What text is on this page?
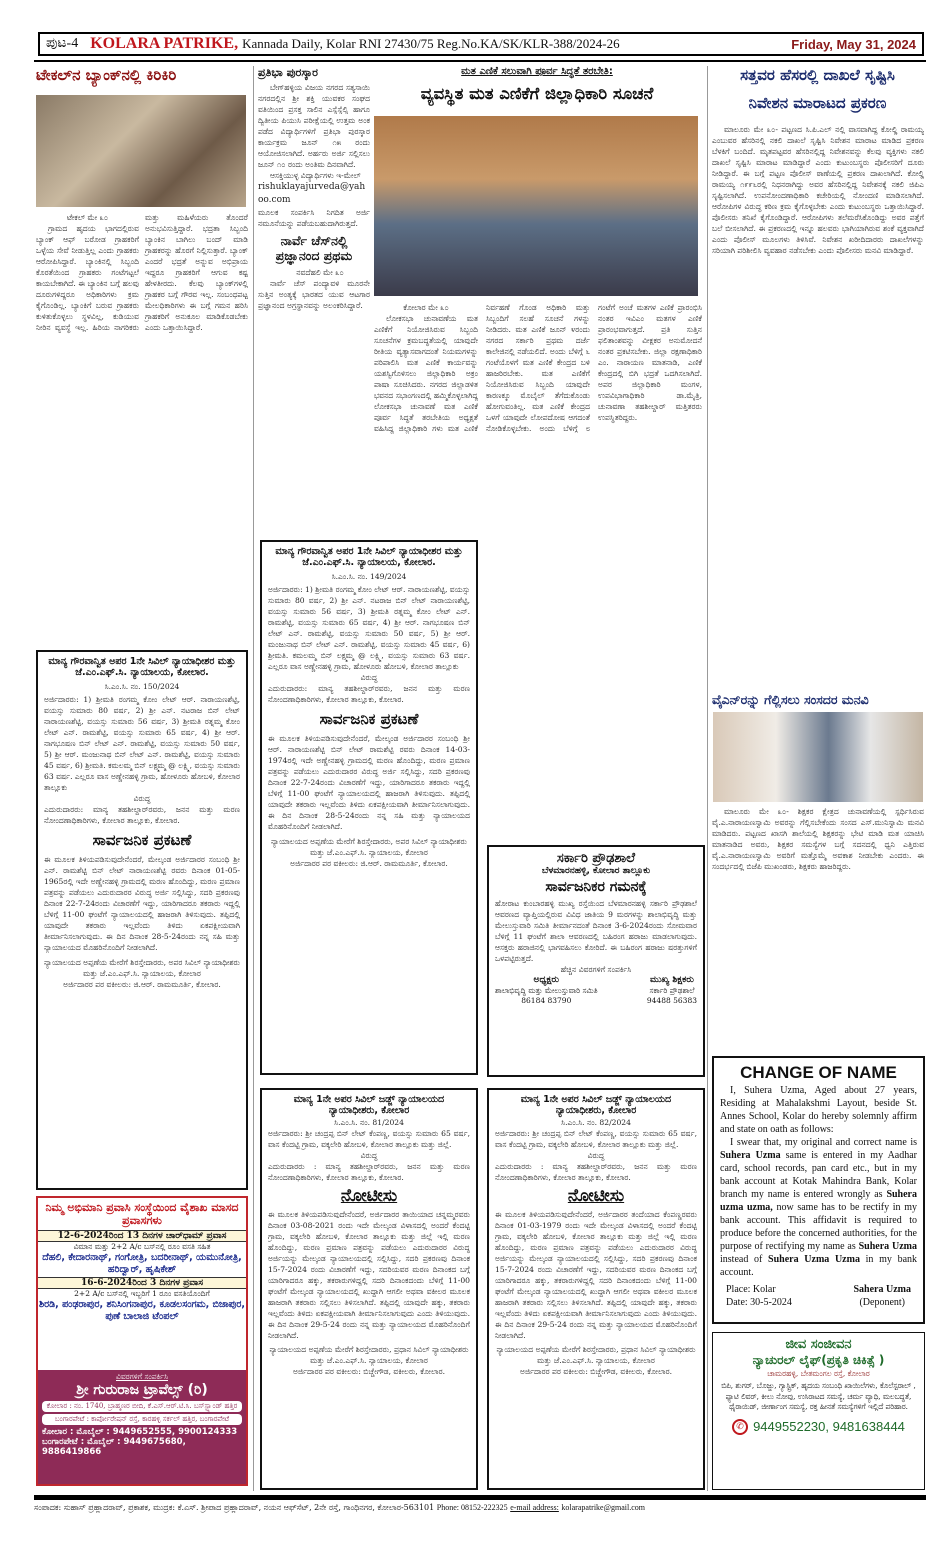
ಪುಟ-4 KOLARA PATRIKE, Kannada Daily, Kolar RNI 27430/75 Reg.No.KA/SK/KLR-388/2024-26	Friday, May 31, 2024
ಟೇಕಲ್‌ನ ಬ್ಯಾಂಕ್‌ನಲ್ಲಿ ಕಿರಿಕಿರಿ

ಟೇಕಲ್ ಮೇ ೩೦

ಗ್ರಾಮದ ಹೃದಯ ಭಾಗದಲ್ಲಿರುವ ಬ್ಯಾಂಕ್ ಆಫ್ ಬರೋಡ ಗ್ರಾಹಕರಿಗೆ ಒಳ್ಳೆಯ ಸೇವೆ ನೀಡುತ್ತಿಲ್ಲ ಎಂದು ಗ್ರಾಹಕರು ಆರೋಪಿಸಿದ್ದಾರೆ. ಬ್ಯಾಂಕಿನಲ್ಲಿ ಸಿಬ್ಬಂದಿ ಕೊರತೆಯಿಂದ ಗ್ರಾಹಕರು ಗಂಟೆಗಟ್ಟಲೆ ಕಾಯಬೇಕಾಗಿದೆ. ಈ ಬ್ಯಾಂಕಿನ ಬಗ್ಗೆ ಹಲವು ದೂರುಗಳಿದ್ದರೂ ಅಧಿಕಾರಿಗಳು ಕ್ರಮ ಕೈಗೊಂಡಿಲ್ಲ. ಬ್ಯಾಂಕಿಗೆ ಬರುವ ಗ್ರಾಹಕರು ಕುಳಿತುಕೊಳ್ಳಲು ಸ್ಥಳವಿಲ್ಲ, ಕುಡಿಯುವ ನೀರಿನ ವ್ಯವಸ್ಥೆ ಇಲ್ಲ. ಹಿರಿಯ ನಾಗರಿಕರು ಮತ್ತು ಮಹಿಳೆಯರು ತೊಂದರೆ ಅನುಭವಿಸುತ್ತಿದ್ದಾರೆ. ಭದ್ರತಾ ಸಿಬ್ಬಂದಿ ಬ್ಯಾಂಕಿನ ಬಾಗಿಲು ಬಂದ್ ಮಾಡಿ ಗ್ರಾಹಕರನ್ನು ಹೊರಗೆ ನಿಲ್ಲಿಸುತ್ತಾರೆ. ಬ್ಯಾಂಕ್ ಎಂದರೆ ಭದ್ರತೆ ಅನ್ನುವ ಅಭಿಪ್ರಾಯ ಇದ್ದರೂ ಗ್ರಾಹಕರಿಗೆ ಆಗುವ ಕಷ್ಟ ಹೇಳತೀರದು. ಕೆಲವು ಬ್ಯಾಂಕ್‌ಗಳಲ್ಲಿ ಗ್ರಾಹಕರ ಬಗ್ಗೆ ಗೌರವ ಇಲ್ಲ. ಸಂಬಂಧಪಟ್ಟ ಮೇಲಧಿಕಾರಿಗಳು ಈ ಬಗ್ಗೆ ಗಮನ ಹರಿಸಿ ಗ್ರಾಹಕರಿಗೆ ಅನುಕೂಲ ಮಾಡಿಕೊಡಬೇಕು ಎಂದು ಒತ್ತಾಯಿಸಿದ್ದಾರೆ.

ಮಾನ್ಯ ಗೌರವಾನ್ವಿತ ಅಪರ 1ನೇ ಸಿವಿಲ್ ನ್ಯಾಯಾಧೀಶರ ಮತ್ತು ಜೆ.ಎಂ.ಎಫ್.ಸಿ. ನ್ಯಾಯಾಲಯ, ಕೋಲಾರ.
ಸಿ.ಎಂ.ಸಿ. ನಂ. 150/2024
ಅರ್ಜಿದಾರರು: 1) ಶ್ರೀಮತಿ ರಂಗಮ್ಮ ಕೋಂ ಲೇಟ್ ಆರ್. ನಾರಾಯಣಶೆಟ್ಟಿ, ವಯಸ್ಸು ಸುಮಾರು 80 ವರ್ಷ, 2) ಶ್ರೀ ಎನ್. ನಟರಾಜ ಬಿನ್ ಲೇಟ್ ನಾರಾಯಣಶೆಟ್ಟಿ, ವಯಸ್ಸು ಸುಮಾರು 56 ವರ್ಷ, 3) ಶ್ರೀಮತಿ ರತ್ನಮ್ಮ ಕೋಂ ಲೇಟ್ ಎನ್. ರಾಮಶೆಟ್ಟಿ, ವಯಸ್ಸು ಸುಮಾರು 65 ವರ್ಷ, 4) ಶ್ರೀ ಆರ್. ನಾಗಭೂಷಣ ಬಿನ್ ಲೇಟ್ ಎನ್. ರಾಮಶೆಟ್ಟಿ, ವಯಸ್ಸು ಸುಮಾರು 50 ವರ್ಷ, 5) ಶ್ರೀ ಆರ್. ಮಂಜುನಾಥ ಬಿನ್ ಲೇಟ್ ಎನ್. ರಾಮಶೆಟ್ಟಿ, ವಯಸ್ಸು ಸುಮಾರು 45 ವರ್ಷ, 6) ಶ್ರೀಮತಿ. ಕಮಲಮ್ಮ ಬಿನ್ ಲಕ್ಷ್ಮಮ್ಮ @ ಲಕ್ಷ್ಮಿ, ವಯಸ್ಸು ಸುಮಾರು 63 ವರ್ಷ. ಎಲ್ಲರೂ ವಾಸ ಅಣ್ಣೇನಹಳ್ಳಿ ಗ್ರಾಮ, ಹೋಳೂರು ಹೋಬಳಿ, ಕೋಲಾರ ತಾಲ್ಲೂಕು
ವಿರುದ್ಧ
ಎದುರುದಾರರು: ಮಾನ್ಯ ತಹಶೀಲ್ದಾರ್‌ರವರು, ಜನನ ಮತ್ತು ಮರಣ ನೋಂದಣಾಧಿಕಾರಿಗಳು, ಕೋಲಾರ ತಾಲ್ಲೂಕು, ಕೋಲಾರ.
ಸಾರ್ವಜನಿಕ ಪ್ರಕಟಣೆ
ಈ ಮೂಲಕ ತಿಳಿಯಪಡಿಸುವುದೇನೆಂದರೆ, ಮೇಲ್ಕಂಡ ಅರ್ಜಿದಾರರ ಸಂಬಂಧಿ ಶ್ರೀ ಎನ್. ರಾಮಶೆಟ್ಟಿ ಬಿನ್ ಲೇಟ್ ನಾರಾಯಣಶೆಟ್ಟಿ ರವರು ದಿನಾಂಕ 01-05-1965ರಲ್ಲಿ ಇದೇ ಅಣ್ಣೇನಹಳ್ಳಿ ಗ್ರಾಮದಲ್ಲಿ ಮರಣ ಹೊಂದಿದ್ದು, ಮರಣ ಪ್ರಮಾಣ ಪತ್ರವನ್ನು ಪಡೆಯಲು ಎದುರುದಾರರ ವಿರುದ್ಧ ಅರ್ಜಿ ಸಲ್ಲಿಸಿದ್ದು, ಸದರಿ ಪ್ರಕರಣವು ದಿನಾಂಕ 22-7-24ರಂದು ವಿಚಾರಣೆಗೆ ಇದ್ದು, ಯಾರಿಗಾದರೂ ತಕರಾರು ಇದ್ದಲ್ಲಿ ಬೆಳಿಗ್ಗೆ 11-00 ಘಂಟೆಗೆ ನ್ಯಾಯಾಲಯದಲ್ಲಿ ಹಾಜರಾಗಿ ತಿಳಿಸುವುದು. ತಪ್ಪಿದಲ್ಲಿ ಯಾವುದೇ ತಕರಾರು ಇಲ್ಲವೆಂದು ತಿಳಿದು ಏಕಪಕ್ಷೀಯವಾಗಿ ತೀರ್ಮಾನಿಸಲಾಗುವುದು. ಈ ದಿನ ದಿನಾಂಕ 28-5-24ರಂದು ನನ್ನ ಸಹಿ ಮತ್ತು ನ್ಯಾಯಾಲಯದ ಮೊಹರಿನೊಂದಿಗೆ ನೀಡಲಾಗಿದೆ.
ನ್ಯಾಯಾಲಯದ ಅಪ್ಪಣೆಯ ಮೇರೆಗೆ ಶಿರಸ್ತೇದಾರರು, ಅಪರ ಸಿವಿಲ್ ನ್ಯಾಯಾಧೀಶರು ಮತ್ತು ಜೆ.ಎಂ.ಎಫ್.ಸಿ. ನ್ಯಾಯಾಲಯ, ಕೋಲಾರ
ಅರ್ಜಿದಾರರ ಪರ ವಕೀಲರು: ಜಿ.ಆರ್. ರಾಮಮೂರ್ತಿ, ಕೋಲಾರ.
ನಿಮ್ಮ ಅಭಿಮಾನಿ ಪ್ರವಾಸಿ ಸಂಸ್ಥೆಯಿಂದ ವೈಶಾಖ ಮಾಸದ ಪ್ರವಾಸಗಳು
12-6-2024ರಿಂದ 13 ದಿನಗಳ ಚಾರ್‌ಧಾಮ್ ಪ್ರವಾಸ
ವಿಮಾನ ಮತ್ತು 2+2 A/c ಬಸ್‌ನಲ್ಲಿ ರೂಂ ವಸತಿ ಸಹಿತ
ದೆಹಲಿ, ಕೇದಾರನಾಥ್, ಗಂಗೋತ್ರಿ, ಬದರೀನಾಥ್, ಯಮುನೋತ್ರಿ, ಹರಿದ್ವಾರ್, ಹೃಷಿಕೇಶ್
16-6-2024ರಿಂದ 3 ದಿನಗಳ ಪ್ರವಾಸ
2+2 A/c ಬಸ್‌ನಲ್ಲಿ ಇಬ್ಬರಿಗೆ 1 ರೂಂ ವಸತಿಯೊಂದಿಗೆ
ಶಿರಡಿ, ಪಂಢರಾಪುರ, ಶನಿಸಿಂಗನಾಪುರ, ಕೂಡಲಸಂಗಮ, ಬಿಜಾಪುರ, ಪುಣೆ ಬಾಲಾಜಿ ಟೆಂಪಲ್
ವಿವರಗಳಿಗೆ ಸಂಪರ್ಕಿಸಿ
ಶ್ರೀ ಗುರುರಾಜ ಟ್ರಾವೆಲ್ಸ್ (ರಿ)
ಕೋಲಾರ : ನಂ. 1740, ಬ್ರಾಹ್ಮಣರ ಬೀದಿ, ಕೆ.ಎಸ್.ಆರ್.ಟಿ.ಸಿ. ಬಸ್‌ಸ್ಟ್ಯಾಂಡ್ ಹತ್ತಿರ
ಬಂಗಾರಪೇಟೆ : ಕಾರ್ಪೋರೇಷನ್ ರಸ್ತೆ, ಕಾರಹಳ್ಳಿ ಸರ್ಕಲ್ ಹತ್ತಿರ, ಬಂಗಾರಪೇಟೆ
ಕೋಲಾರ : ಮೊಬೈಲ್ : 9449652555, 9900124333
ಬಂಗಾರಪೇಟೆ : ಮೊಬೈಲ್ : 9449675680, 9886419866
ಪ್ರತಿಭಾ ಪುರಸ್ಕಾರ

ಬೇಗ್‌ಹಳ್ಳಿಯ ವಿಜಯ ನಗರದ ಸತ್ಯಸಾಯಿ ನಗರದಲ್ಲಿನ ಶ್ರೀ ಶಕ್ತಿ ಯುವಕರ ಸಂಘದ ವತಿಯಿಂದ ಪ್ರಸಕ್ತ ಸಾಲಿನ ಎಸ್ಸೆಸ್ಸೆಲ್ಸಿ ಹಾಗೂ ದ್ವಿತೀಯ ಪಿಯುಸಿ ಪರೀಕ್ಷೆಯಲ್ಲಿ ಉತ್ತಮ ಅಂಕ ಪಡೆದ ವಿದ್ಯಾರ್ಥಿಗಳಿಗೆ ಪ್ರತಿಭಾ ಪುರಸ್ಕಾರ ಕಾರ್ಯಕ್ರಮ ಜೂನ್ ೧೫ ರಂದು ಆಯೋಜಿಸಲಾಗಿದೆ. ಅರ್ಹರು ಅರ್ಜಿ ಸಲ್ಲಿಸಲು ಜೂನ್ ೧೦ ರಂದು ಅಂತಿಮ ದಿನವಾಗಿದೆ.

ಆಸಕ್ತಿಯುಳ್ಳ ವಿದ್ಯಾರ್ಥಿಗಳು ಇ-ಮೇಲ್

rishuklayajurveda@yahoo.com

ಮೂಲಕ ಸಂಪರ್ಕಿಸಿ ನಿಗದಿತ ಅರ್ಜಿ ನಮೂನೆಯನ್ನು ಪಡೆಯಬಹುದಾಗಿರುತ್ತದೆ.

ನಾರ್ವೆ ಚೆಸ್‌ನಲ್ಲಿ ಪ್ರಜ್ಞಾನಂದ ಪ್ರಥಮ

ನವದೆಹಲಿ ಮೇ ೩೦

ನಾರ್ವೆ ಚೆಸ್ ಪಂದ್ಯಾವಳಿ ಮೂರನೇ ಸುತ್ತಿನ ಅಂತ್ಯಕ್ಕೆ ಭಾರತದ ಯುವ ಆಟಗಾರ ಪ್ರಜ್ಞಾನಂದ ಅಗ್ರಸ್ಥಾನವನ್ನು ಅಲಂಕರಿಸಿದ್ದಾರೆ.

ಮತ ಎಣಿಕೆ ಸಲುವಾಗಿ ಪೂರ್ವ ಸಿದ್ಧತೆ ತರಬೇತಿ:
ವ್ಯವಸ್ಥಿತ ಮತ ಎಣಿಕೆಗೆ ಜಿಲ್ಲಾಧಿಕಾರಿ ಸೂಚನೆ

ಕೋಲಾರ ಮೇ ೩೦

ಲೋಕಸಭಾ ಚುನಾವಣೆಯ ಮತ ಎಣಿಕೆಗೆ ನಿಯೋಜಿಸಿರುವ ಸಿಬ್ಬಂದಿ ಸೂಚನೆಗಳ ಕ್ರಮಬದ್ಧತೆಯಲ್ಲಿ ಯಾವುದೇ ರೀತಿಯ ವ್ಯತ್ಯಾಸವಾಗದಂತೆ ನಿಯಮಗಳನ್ನು ಪರಿಪಾಲಿಸಿ ಮತ ಎಣಿಕೆ ಕಾರ್ಯವನ್ನು ಯಶಸ್ವಿಗೊಳಿಸಲು ಜಿಲ್ಲಾಧಿಕಾರಿ ಅಕ್ರಂ ಪಾಷಾ ಸೂಚಿಸಿದರು. ನಗರದ ಜಿಲ್ಲಾಡಳಿತ ಭವನದ ಸಭಾಂಗಣದಲ್ಲಿ ಹಮ್ಮಿಕೊಳ್ಳಲಾಗಿದ್ದ ಲೋಕಸಭಾ ಚುನಾವಣೆ ಮತ ಎಣಿಕೆ ಪೂರ್ವ ಸಿದ್ಧತೆ ತರಬೇತಿಯ ಅಧ್ಯಕ್ಷತೆ ವಹಿಸಿದ್ದ ಜಿಲ್ಲಾಧಿಕಾರಿ ಗಳು ಮತ ಎಣಿಕೆ ನಿರ್ವಹಣೆ ಗೊಂಡ ಅಧಿಕಾರಿ ಮತ್ತು ಸಿಬ್ಬಂದಿಗೆ ಸಲಹೆ ಸೂಚನೆ ಗಳನ್ನು ನೀಡಿದರು. ಮತ ಎಣಿಕೆ ಜೂನ್ ೪ರಂದು ನಗರದ ಸರ್ಕಾರಿ ಪ್ರಥಮ ದರ್ಜೆ ಕಾಲೇಜಿನಲ್ಲಿ ನಡೆಯಲಿದೆ. ಅಂದು ಬೆಳಿಗ್ಗೆ ೬ ಗಂಟೆಯೊಳಗೆ ಮತ ಎಣಿಕೆ ಕೇಂದ್ರದ ಬಳಿ ಹಾಜರಿರಬೇಕು. ಮತ ಎಣಿಕೆಗೆ ನಿಯೋಜಿಸಿರುವ ಸಿಬ್ಬಂದಿ ಯಾವುದೇ ಕಾರಣಕ್ಕೂ ಮೊಬೈಲ್ ತೆಗೆದುಕೊಂಡು ಹೋಗುವಂತಿಲ್ಲ. ಮತ ಎಣಿಕೆ ಕೇಂದ್ರದ ಒಳಗೆ ಯಾವುದೇ ಲೋಪದೋಷ ಆಗದಂತೆ ನೋಡಿಕೊಳ್ಳಬೇಕು. ಅಂದು ಬೆಳಿಗ್ಗೆ ೮ ಗಂಟೆಗೆ ಅಂಚೆ ಮತಗಳ ಎಣಿಕೆ ಪ್ರಾರಂಭಿಸಿ ನಂತರ ಇವಿಎಂ ಮತಗಳ ಎಣಿಕೆ ಪ್ರಾರಂಭವಾಗುತ್ತದೆ. ಪ್ರತಿ ಸುತ್ತಿನ ಫಲಿತಾಂಶವನ್ನು ವೀಕ್ಷಕರ ಅನುಮೋದನೆ ನಂತರ ಪ್ರಕಟಿಸಬೇಕು. ಜಿಲ್ಲಾ ರಕ್ಷಣಾಧಿಕಾರಿ ಎಂ. ನಾರಾಯಣ ಮಾತನಾಡಿ, ಎಣಿಕೆ ಕೇಂದ್ರದಲ್ಲಿ ಬಿಗಿ ಭದ್ರತೆ ಒದಗಿಸಲಾಗಿದೆ. ಅಪರ ಜಿಲ್ಲಾಧಿಕಾರಿ ಮಂಗಳ, ಉಪವಿಭಾಗಾಧಿಕಾರಿ ಡಾ.ಮೈತ್ರಿ, ಚುನಾವಣಾ ತಹಶೀಲ್ದಾರ್ ಮತ್ತಿತರರು ಉಪಸ್ಥಿತರಿದ್ದರು.

ಮಾನ್ಯ ಗೌರವಾನ್ವಿತ ಅಪರ 1ನೇ ಸಿವಿಲ್ ನ್ಯಾಯಾಧೀಶರ ಮತ್ತು ಜೆ.ಎಂ.ಎಫ್.ಸಿ. ನ್ಯಾಯಾಲಯ, ಕೋಲಾರ.
ಸಿ.ಎಂ.ಸಿ. ನಂ. 149/2024
ಅರ್ಜಿದಾರರು: 1) ಶ್ರೀಮತಿ ರಂಗಮ್ಮ ಕೋಂ ಲೇಟ್ ಆರ್. ನಾರಾಯಣಶೆಟ್ಟಿ, ವಯಸ್ಸು ಸುಮಾರು 80 ವರ್ಷ, 2) ಶ್ರೀ ಎನ್. ನಟರಾಜ ಬಿನ್ ಲೇಟ್ ನಾರಾಯಣಶೆಟ್ಟಿ, ವಯಸ್ಸು ಸುಮಾರು 56 ವರ್ಷ, 3) ಶ್ರೀಮತಿ ರತ್ನಮ್ಮ ಕೋಂ ಲೇಟ್ ಎನ್. ರಾಮಶೆಟ್ಟಿ, ವಯಸ್ಸು ಸುಮಾರು 65 ವರ್ಷ, 4) ಶ್ರೀ ಆರ್. ನಾಗಭೂಷಣ ಬಿನ್ ಲೇಟ್ ಎನ್. ರಾಮಶೆಟ್ಟಿ, ವಯಸ್ಸು ಸುಮಾರು 50 ವರ್ಷ, 5) ಶ್ರೀ ಆರ್. ಮಂಜುನಾಥ ಬಿನ್ ಲೇಟ್ ಎನ್. ರಾಮಶೆಟ್ಟಿ, ವಯಸ್ಸು ಸುಮಾರು 45 ವರ್ಷ, 6) ಶ್ರೀಮತಿ. ಕಮಲಮ್ಮ ಬಿನ್ ಲಕ್ಷ್ಮಮ್ಮ @ ಲಕ್ಷ್ಮಿ, ವಯಸ್ಸು ಸುಮಾರು 63 ವರ್ಷ. ಎಲ್ಲರೂ ವಾಸ ಅಣ್ಣೇನಹಳ್ಳಿ ಗ್ರಾಮ, ಹೋಳೂರು ಹೋಬಳಿ, ಕೋಲಾರ ತಾಲ್ಲೂಕು
ವಿರುದ್ಧ
ಎದುರುದಾರರು: ಮಾನ್ಯ ತಹಶೀಲ್ದಾರ್‌ರವರು, ಜನನ ಮತ್ತು ಮರಣ ನೋಂದಣಾಧಿಕಾರಿಗಳು, ಕೋಲಾರ ತಾಲ್ಲೂಕು, ಕೋಲಾರ.
ಸಾರ್ವಜನಿಕ ಪ್ರಕಟಣೆ
ಈ ಮೂಲಕ ತಿಳಿಯಪಡಿಸುವುದೇನೆಂದರೆ, ಮೇಲ್ಕಂಡ ಅರ್ಜಿದಾರರ ಸಂಬಂಧಿ ಶ್ರೀ ಆರ್. ನಾರಾಯಣಶೆಟ್ಟಿ ಬಿನ್ ಲೇಟ್ ರಾಮಶೆಟ್ಟಿ ರವರು ದಿನಾಂಕ 14-03-1974ರಲ್ಲಿ ಇದೇ ಅಣ್ಣೇನಹಳ್ಳಿ ಗ್ರಾಮದಲ್ಲಿ ಮರಣ ಹೊಂದಿದ್ದು, ಮರಣ ಪ್ರಮಾಣ ಪತ್ರವನ್ನು ಪಡೆಯಲು ಎದುರುದಾರರ ವಿರುದ್ಧ ಅರ್ಜಿ ಸಲ್ಲಿಸಿದ್ದು, ಸದರಿ ಪ್ರಕರಣವು ದಿನಾಂಕ 22-7-24ರಂದು ವಿಚಾರಣೆಗೆ ಇದ್ದು, ಯಾರಿಗಾದರೂ ತಕರಾರು ಇದ್ದಲ್ಲಿ ಬೆಳಿಗ್ಗೆ 11-00 ಘಂಟೆಗೆ ನ್ಯಾಯಾಲಯದಲ್ಲಿ ಹಾಜರಾಗಿ ತಿಳಿಸುವುದು. ತಪ್ಪಿದಲ್ಲಿ ಯಾವುದೇ ತಕರಾರು ಇಲ್ಲವೆಂದು ತಿಳಿದು ಏಕಪಕ್ಷೀಯವಾಗಿ ತೀರ್ಮಾನಿಸಲಾಗುವುದು. ಈ ದಿನ ದಿನಾಂಕ 28-5-24ರಂದು ನನ್ನ ಸಹಿ ಮತ್ತು ನ್ಯಾಯಾಲಯದ ಮೊಹರಿನೊಂದಿಗೆ ನೀಡಲಾಗಿದೆ.
ನ್ಯಾಯಾಲಯದ ಅಪ್ಪಣೆಯ ಮೇರೆಗೆ ಶಿರಸ್ತೇದಾರರು, ಅಪರ ಸಿವಿಲ್ ನ್ಯಾಯಾಧೀಶರು ಮತ್ತು ಜೆ.ಎಂ.ಎಫ್.ಸಿ. ನ್ಯಾಯಾಲಯ, ಕೋಲಾರ
ಅರ್ಜಿದಾರರ ಪರ ವಕೀಲರು: ಜಿ.ಆರ್. ರಾಮಮೂರ್ತಿ, ಕೋಲಾರ.	ಸರ್ಕಾರಿ ಪ್ರೌಢಶಾಲೆ
ಬೆಳಮಾರನಹಳ್ಳಿ, ಕೋಲಾರ ತಾಲ್ಲೂಕು
ಸಾರ್ವಜನಿಕರ ಗಮನಕ್ಕೆ
ಹೋರಾಟ ಕುಂಬಾರಹಳ್ಳಿ ಮುಖ್ಯ ರಸ್ತೆಯಿಂದ ಬೆಳಮಾರನಹಳ್ಳಿ ಸರ್ಕಾರಿ ಪ್ರೌಢಶಾಲೆ ಆವರಣದ ವ್ಯಾಪ್ತಿಯಲ್ಲಿರುವ ವಿವಿಧ ಜಾತಿಯ 9 ಮರಗಳನ್ನು ಶಾಲಾಭಿವೃದ್ಧಿ ಮತ್ತು ಮೇಲುಸ್ತುವಾರಿ ಸಮಿತಿ ತೀರ್ಮಾನದಂತೆ ದಿನಾಂಕ 3-6-2024ರಂದು ಸೋಮವಾರ ಬೆಳಿಗ್ಗೆ 11 ಘಂಟೆಗೆ ಶಾಲಾ ಆವರಣದಲ್ಲಿ ಬಹಿರಂಗ ಹರಾಜು ಮಾಡಲಾಗುವುದು. ಆಸಕ್ತರು ಹರಾಜಿನಲ್ಲಿ ಭಾಗವಹಿಸಲು ಕೋರಿದೆ. ಈ ಬಹಿರಂಗ ಹರಾಜು ಷರತ್ತುಗಳಿಗೆ ಒಳಪಟ್ಟಿರುತ್ತದೆ.
ಹೆಚ್ಚಿನ ವಿವರಗಳಿಗೆ ಸಂಪರ್ಕಿಸಿ
ಅಧ್ಯಕ್ಷರು
ಶಾಲಾಭಿವೃದ್ಧಿ ಮತ್ತು ಮೇಲುಸ್ತುವಾರಿ ಸಮಿತಿ
86184 83790
ಮುಖ್ಯ ಶಿಕ್ಷಕರು
ಸರ್ಕಾರಿ ಪ್ರೌಢಶಾಲೆ
94488 56383
ಮಾನ್ಯ 1ನೇ ಅಪರ ಸಿವಿಲ್ ಜಡ್ಜ್ ನ್ಯಾಯಾಲಯದ ನ್ಯಾಯಾಧೀಶರು, ಕೋಲಾರ
ಸಿ.ಎಂ.ಸಿ. ನಂ. 81/2024
ಅರ್ಜಿದಾರರು: ಶ್ರೀ ಚಂದ್ರಪ್ಪ ಬಿನ್ ಲೇಟ್ ಕೆಂಪಣ್ಣ, ವಯಸ್ಸು ಸುಮಾರು 65 ವರ್ಷ, ವಾಸ ಕೆಂದಟ್ಟಿ ಗ್ರಾಮ, ವಕ್ಕಲೇರಿ ಹೋಬಳಿ, ಕೋಲಾರ ತಾಲ್ಲೂಕು ಮತ್ತು ಜಿಲ್ಲೆ.
ವಿರುದ್ಧ
ಎದುರುದಾರರು : ಮಾನ್ಯ ತಹಶೀಲ್ದಾರ್‌ರವರು, ಜನನ ಮತ್ತು ಮರಣ ನೋಂದಣಾಧಿಕಾರಿಗಳು, ಕೋಲಾರ ತಾಲ್ಲೂಕು, ಕೋಲಾರ.
ನೋಟೀಸು
ಈ ಮೂಲಕ ತಿಳಿಯಪಡಿಸುವುದೇನೆಂದರೆ, ಅರ್ಜಿದಾರರ ತಾಯಿಯಾದ ಚನ್ನಮ್ಮರವರು ದಿನಾಂಕ 03-08-2021 ರಂದು ಇದೇ ಮೇಲ್ಕಂಡ ವಿಳಾಸದಲ್ಲಿ ಅಂದರೆ ಕೆಂದಟ್ಟಿ ಗ್ರಾಮ, ವಕ್ಕಲೇರಿ ಹೋಬಳಿ, ಕೋಲಾರ ತಾಲ್ಲೂಕು ಮತ್ತು ಜಿಲ್ಲೆ ಇಲ್ಲಿ ಮರಣ ಹೊಂದಿದ್ದು, ಮರಣ ಪ್ರಮಾಣ ಪತ್ರವನ್ನು ಪಡೆಯಲು ಎದುರುದಾರರ ವಿರುದ್ಧ ಅರ್ಜಿಯನ್ನು ಮೇಲ್ಕಂಡ ನ್ಯಾಯಾಲಯದಲ್ಲಿ ಸಲ್ಲಿಸಿದ್ದು, ಸದರಿ ಪ್ರಕರಣವು ದಿನಾಂಕ 15-7-2024 ರಂದು ವಿಚಾರಣೆಗೆ ಇದ್ದು, ಸದರಿಯವರ ಮರಣ ದಿನಾಂಕದ ಬಗ್ಗೆ ಯಾರಿಗಾದರೂ ಹಕ್ಕು, ತಕರಾರುಗಳಿದ್ದಲ್ಲಿ ಸದರಿ ದಿನಾಂಕದಂದು ಬೆಳಿಗ್ಗೆ 11-00 ಘಂಟೆಗೆ ಮೇಲ್ಕಂಡ ನ್ಯಾಯಾಲಯದಲ್ಲಿ ಖುದ್ದಾಗಿ ಆಗಲೀ ಅಥವಾ ವಕೀಲರ ಮೂಲಕ ಹಾಜರಾಗಿ ತಕರಾರು ಸಲ್ಲಿಸಲು ತಿಳಿಸಲಾಗಿದೆ. ತಪ್ಪಿದಲ್ಲಿ ಯಾವುದೇ ಹಕ್ಕು, ತಕರಾರು ಇಲ್ಲವೆಂದು ತಿಳಿದು ಏಕಪಕ್ಷೀಯವಾಗಿ ತೀರ್ಮಾನಿಸಲಾಗುವುದು ಎಂದು ತಿಳಿಯುವುದು. ಈ ದಿನ ದಿನಾಂಕ 29-5-24 ರಂದು ನನ್ನ ಮತ್ತು ನ್ಯಾಯಾಲಯದ ಮೊಹರಿನೊಂದಿಗೆ ನೀಡಲಾಗಿದೆ.
ನ್ಯಾಯಾಲಯದ ಅಪ್ಪಣೆಯ ಮೇರೆಗೆ ಶಿರಸ್ತೇದಾರರು, ಪ್ರಧಾನ ಸಿವಿಲ್ ನ್ಯಾಯಾಧೀಶರು ಮತ್ತು ಜೆ.ಎಂ.ಎಫ್.ಸಿ. ನ್ಯಾಯಾಲಯ, ಕೋಲಾರ
ಅರ್ಜಿದಾರರ ಪರ ವಕೀಲರು: ಬಿಚ್ಚೇಗೌಡ, ವಕೀಲರು, ಕೋಲಾರ.
ಮಾನ್ಯ 1ನೇ ಅಪರ ಸಿವಿಲ್ ಜಡ್ಜ್ ನ್ಯಾಯಾಲಯದ ನ್ಯಾಯಾಧೀಶರು, ಕೋಲಾರ
ಸಿ.ಎಂ.ಸಿ. ನಂ. 82/2024
ಅರ್ಜಿದಾರರು: ಶ್ರೀ ಚಂದ್ರಪ್ಪ ಬಿನ್ ಲೇಟ್ ಕೆಂಪಣ್ಣ, ವಯಸ್ಸು ಸುಮಾರು 65 ವರ್ಷ, ವಾಸ ಕೆಂದಟ್ಟಿ ಗ್ರಾಮ, ವಕ್ಕಲೇರಿ ಹೋಬಳಿ, ಕೋಲಾರ ತಾಲ್ಲೂಕು ಮತ್ತು ಜಿಲ್ಲೆ.
ವಿರುದ್ಧ
ಎದುರುದಾರರು : ಮಾನ್ಯ ತಹಶೀಲ್ದಾರ್‌ರವರು, ಜನನ ಮತ್ತು ಮರಣ ನೋಂದಣಾಧಿಕಾರಿಗಳು, ಕೋಲಾರ ತಾಲ್ಲೂಕು, ಕೋಲಾರ.
ನೋಟೀಸು
ಈ ಮೂಲಕ ತಿಳಿಯಪಡಿಸುವುದೇನೆಂದರೆ, ಅರ್ಜಿದಾರರ ತಂದೆಯಾದ ಕೆಂಪಣ್ಣರವರು ದಿನಾಂಕ 01-03-1979 ರಂದು ಇದೇ ಮೇಲ್ಕಂಡ ವಿಳಾಸದಲ್ಲಿ ಅಂದರೆ ಕೆಂದಟ್ಟಿ ಗ್ರಾಮ, ವಕ್ಕಲೇರಿ ಹೋಬಳಿ, ಕೋಲಾರ ತಾಲ್ಲೂಕು ಮತ್ತು ಜಿಲ್ಲೆ ಇಲ್ಲಿ ಮರಣ ಹೊಂದಿದ್ದು, ಮರಣ ಪ್ರಮಾಣ ಪತ್ರವನ್ನು ಪಡೆಯಲು ಎದುರುದಾರರ ವಿರುದ್ಧ ಅರ್ಜಿಯನ್ನು ಮೇಲ್ಕಂಡ ನ್ಯಾಯಾಲಯದಲ್ಲಿ ಸಲ್ಲಿಸಿದ್ದು, ಸದರಿ ಪ್ರಕರಣವು ದಿನಾಂಕ 15-7-2024 ರಂದು ವಿಚಾರಣೆಗೆ ಇದ್ದು, ಸದರಿಯವರ ಮರಣ ದಿನಾಂಕದ ಬಗ್ಗೆ ಯಾರಿಗಾದರೂ ಹಕ್ಕು, ತಕರಾರುಗಳಿದ್ದಲ್ಲಿ ಸದರಿ ದಿನಾಂಕದಂದು ಬೆಳಿಗ್ಗೆ 11-00 ಘಂಟೆಗೆ ಮೇಲ್ಕಂಡ ನ್ಯಾಯಾಲಯದಲ್ಲಿ ಖುದ್ದಾಗಿ ಆಗಲೀ ಅಥವಾ ವಕೀಲರ ಮೂಲಕ ಹಾಜರಾಗಿ ತಕರಾರು ಸಲ್ಲಿಸಲು ತಿಳಿಸಲಾಗಿದೆ. ತಪ್ಪಿದಲ್ಲಿ ಯಾವುದೇ ಹಕ್ಕು, ತಕರಾರು ಇಲ್ಲವೆಂದು ತಿಳಿದು ಏಕಪಕ್ಷೀಯವಾಗಿ ತೀರ್ಮಾನಿಸಲಾಗುವುದು ಎಂದು ತಿಳಿಯುವುದು. ಈ ದಿನ ದಿನಾಂಕ 29-5-24 ರಂದು ನನ್ನ ಮತ್ತು ನ್ಯಾಯಾಲಯದ ಮೊಹರಿನೊಂದಿಗೆ ನೀಡಲಾಗಿದೆ.
ನ್ಯಾಯಾಲಯದ ಅಪ್ಪಣೆಯ ಮೇರೆಗೆ ಶಿರಸ್ತೇದಾರರು, ಪ್ರಧಾನ ಸಿವಿಲ್ ನ್ಯಾಯಾಧೀಶರು ಮತ್ತು ಜೆ.ಎಂ.ಎಫ್.ಸಿ. ನ್ಯಾಯಾಲಯ, ಕೋಲಾರ
ಅರ್ಜಿದಾರರ ಪರ ವಕೀಲರು: ಬಿಚ್ಚೇಗೌಡ, ವಕೀಲರು, ಕೋಲಾರ.
ಸತ್ತವರ ಹೆಸರಲ್ಲಿ ದಾಖಲೆ ಸೃಷ್ಟಿಸಿ
ನಿವೇಶನ ಮಾರಾಟದ ಪ್ರಕರಣ

ಮಾಲೂರು ಮೇ ೩೦- ಪಟ್ಟಣದ ಸಿ.ಪಿ.ಎಲ್ ನಲ್ಲಿ ವಾಸವಾಗಿದ್ದ ಕೋಲ್ಡಿ ರಾಮಯ್ಯ ಎಂಬುವರ ಹೆಸರಿನಲ್ಲಿ ನಕಲಿ ದಾಖಲೆ ಸೃಷ್ಟಿಸಿ ನಿವೇಶನ ಮಾರಾಟ ಮಾಡಿದ ಪ್ರಕರಣ ಬೆಳಕಿಗೆ ಬಂದಿದೆ. ಮೃತಪಟ್ಟವರ ಹೆಸರಿನಲ್ಲಿದ್ದ ನಿವೇಶನವನ್ನು ಕೆಲವು ವ್ಯಕ್ತಿಗಳು ನಕಲಿ ದಾಖಲೆ ಸೃಷ್ಟಿಸಿ ಮಾರಾಟ ಮಾಡಿದ್ದಾರೆ ಎಂದು ಕುಟುಂಬಸ್ಥರು ಪೊಲೀಸರಿಗೆ ದೂರು ನೀಡಿದ್ದಾರೆ. ಈ ಬಗ್ಗೆ ಪಟ್ಟಣ ಪೊಲೀಸ್ ಠಾಣೆಯಲ್ಲಿ ಪ್ರಕರಣ ದಾಖಲಾಗಿದೆ. ಕೋಲ್ಡಿ ರಾಮಯ್ಯ ೧೯೯೬ರಲ್ಲಿ ನಿಧನರಾಗಿದ್ದು ಅವರ ಹೆಸರಿನಲ್ಲಿದ್ದ ನಿವೇಶನಕ್ಕೆ ನಕಲಿ ಜಿಪಿಎ ಸೃಷ್ಟಿಸಲಾಗಿದೆ. ಉಪನೋಂದಣಾಧಿಕಾರಿ ಕಚೇರಿಯಲ್ಲಿ ನೋಂದಣಿ ಮಾಡಿಸಲಾಗಿದೆ. ಆರೋಪಿಗಳ ವಿರುದ್ಧ ಕಠಿಣ ಕ್ರಮ ಕೈಗೊಳ್ಳಬೇಕು ಎಂದು ಕುಟುಂಬಸ್ಥರು ಒತ್ತಾಯಿಸಿದ್ದಾರೆ. ಪೊಲೀಸರು ತನಿಖೆ ಕೈಗೊಂಡಿದ್ದಾರೆ. ಆರೋಪಿಗಳು ತಲೆಮರೆಸಿಕೊಂಡಿದ್ದು ಅವರ ಪತ್ತೆಗೆ ಬಲೆ ಬೀಸಲಾಗಿದೆ. ಈ ಪ್ರಕರಣದಲ್ಲಿ ಇನ್ನೂ ಹಲವರು ಭಾಗಿಯಾಗಿರುವ ಶಂಕೆ ವ್ಯಕ್ತವಾಗಿದೆ ಎಂದು ಪೊಲೀಸ್ ಮೂಲಗಳು ತಿಳಿಸಿವೆ. ನಿವೇಶನ ಖರೀದಿದಾರರು ದಾಖಲೆಗಳನ್ನು ಸರಿಯಾಗಿ ಪರಿಶೀಲಿಸಿ ವ್ಯವಹಾರ ನಡೆಸಬೇಕು ಎಂದು ಪೊಲೀಸರು ಮನವಿ ಮಾಡಿದ್ದಾರೆ.

ವೈಎನ್‌ರನ್ನು ಗೆಲ್ಲಿಸಲು ಸಂಸದರ ಮನವಿ

ಮಾಲೂರು ಮೇ ೩೦- ಶಿಕ್ಷಕರ ಕ್ಷೇತ್ರದ ಚುನಾವಣೆಯಲ್ಲಿ ಸ್ಪರ್ಧಿಸಿರುವ ವೈ.ಎ.ನಾರಾಯಣಸ್ವಾಮಿ ಅವರನ್ನು ಗೆಲ್ಲಿಸಬೇಕೆಂದು ಸಂಸದ ಎಸ್.ಮುನಿಸ್ವಾಮಿ ಮನವಿ ಮಾಡಿದರು. ಪಟ್ಟಣದ ಖಾಸಗಿ ಶಾಲೆಯಲ್ಲಿ ಶಿಕ್ಷಕರನ್ನು ಭೇಟಿ ಮಾಡಿ ಮತ ಯಾಚಿಸಿ ಮಾತನಾಡಿದ ಅವರು, ಶಿಕ್ಷಕರ ಸಮಸ್ಯೆಗಳ ಬಗ್ಗೆ ಸದನದಲ್ಲಿ ಧ್ವನಿ ಎತ್ತಿರುವ ವೈ.ಎ.ನಾರಾಯಣಸ್ವಾಮಿ ಅವರಿಗೆ ಮತ್ತೊಮ್ಮೆ ಅವಕಾಶ ನೀಡಬೇಕು ಎಂದರು. ಈ ಸಂದರ್ಭದಲ್ಲಿ ಬಿಜೆಪಿ ಮುಖಂಡರು, ಶಿಕ್ಷಕರು ಹಾಜರಿದ್ದರು.

CHANGE OF NAME

I, Suhera Uzma, Aged about 27 years, Residing at Mahalakshmi Layout, beside St. Annes School, Kolar do hereby solemnly affirm and state on oath as follows:

I swear that, my original and correct name is Suhera Uzma same is entered in my Aadhar card, school records, pan card etc., but in my bank account at Kotak Mahindra Bank, Kolar branch my name is entered wrongly as Suhera uzma uzma, now same has to be rectify in my bank account. This affidavit is required to produce before the concerned authorities, for the purpose of rectifying my name as Suhera Uzma instead of Suhera Uzma Uzma in my bank account.

Place: Kolar
Date: 30-5-2024
Sahera Uzma
(Deponent)
ಜೀವ ಸಂಜೀವನ
ನ್ಯಾಚುರಲ್ ಲೈಫ್(ಪ್ರಕೃತಿ ಚಿಕಿತ್ಸೆ )
ಚಾಮರಹಳ್ಳಿ, ಬೇತಮಂಗಲ ರಸ್ತೆ, ಕೋಲಾರ
ಬಿಪಿ, ಶುಗರ್, ಬೊಜ್ಜು, ಗ್ಯಾಸ್ಟ್ರಿಕ್, ಹೃದಯ ಸಂಬಂಧಿ ಖಾಯಿಲೆಗಳು, ಕೊಲೆಸ್ಟರಾಲ್ , ಫ್ಯಾಟಿ ಲಿವರ್, ಕೀಲು ನೋವು, ಉಸಿರಾಟದ ಸಮಸ್ಯೆ, ಚರ್ಮ ವ್ಯಾಧಿ, ಮಲಬದ್ಧತೆ, ಥೈರಾಯಿಡ್, ಜೀರ್ಣಾಂಗ ಸಮಸ್ಯೆ, ರಕ್ತ ಹೀನತೆ ಸಮಸ್ಯೆಗಳಿಗೆ ಇಲ್ಲಿದೆ ಪರಿಹಾರ.
✆ 9449552230, 9481638444
ಸಂಪಾದಕ: ಸುಹಾಸ್ ಪ್ರಹ್ಲಾದರಾವ್, ಪ್ರಕಾಶಕ, ಮುದ್ರಕ: ಕೆ.ಎಸ್. ಶ್ರೀಪಾದ ಪ್ರಹ್ಲಾದರಾವ್, ನಯನ ಆಫ್‌ಸೆಟ್, 2ನೇ ರಸ್ತೆ, ಗಾಂಧಿನಗರ, ಕೋಲಾರ-563101 Phone: 08152-222325 e-mail address: kolarapatrike@gmail.com
